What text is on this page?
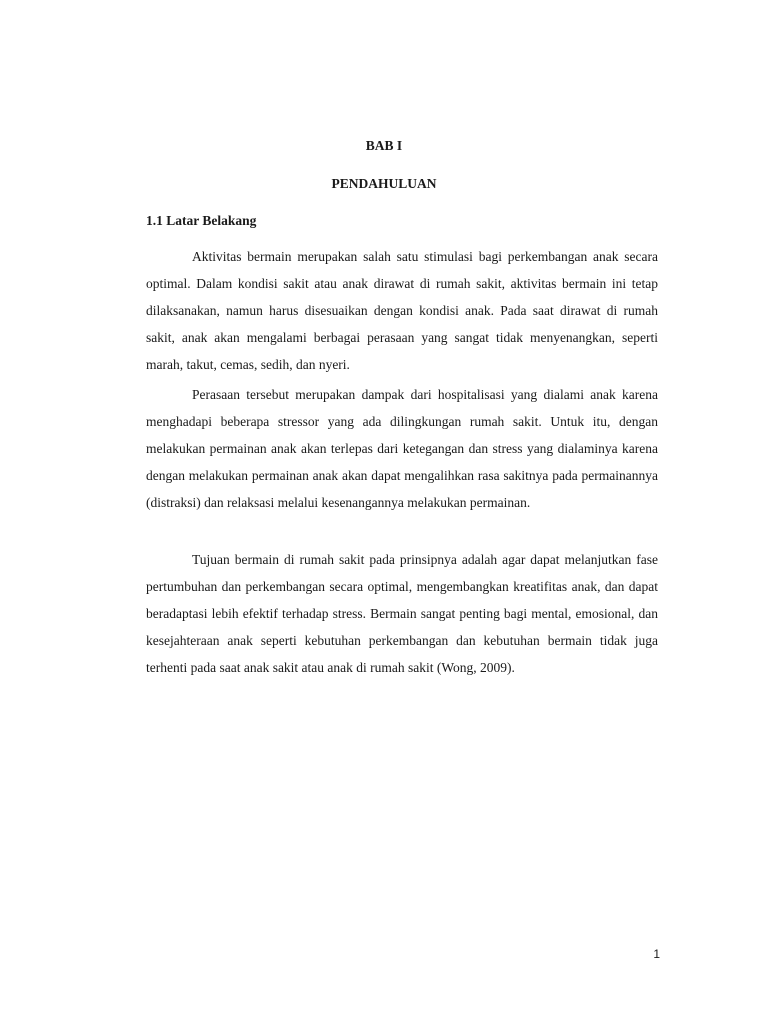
BAB I
PENDAHULUAN
1.1 Latar Belakang

Aktivitas bermain merupakan salah satu stimulasi bagi perkembangan anak secara optimal. Dalam kondisi sakit atau anak dirawat di rumah sakit, aktivitas bermain ini tetap dilaksanakan, namun harus disesuaikan dengan kondisi anak. Pada saat dirawat di rumah sakit, anak akan mengalami berbagai perasaan yang sangat tidak menyenangkan, seperti marah, takut, cemas, sedih, dan nyeri.

Perasaan tersebut merupakan dampak dari hospitalisasi yang dialami anak karena menghadapi beberapa stressor yang ada dilingkungan rumah sakit. Untuk itu, dengan melakukan permainan anak akan terlepas dari ketegangan dan stress yang dialaminya karena dengan melakukan permainan anak akan dapat mengalihkan rasa sakitnya pada permainannya (distraksi) dan relaksasi melalui kesenangannya melakukan permainan.

Tujuan bermain di rumah sakit pada prinsipnya adalah agar dapat melanjutkan fase pertumbuhan dan perkembangan secara optimal, mengembangkan kreatifitas anak, dan dapat beradaptasi lebih efektif terhadap stress. Bermain sangat penting bagi mental, emosional, dan kesejahteraan anak seperti kebutuhan perkembangan dan kebutuhan bermain tidak juga terhenti pada saat anak sakit atau anak di rumah sakit (Wong, 2009).

1
